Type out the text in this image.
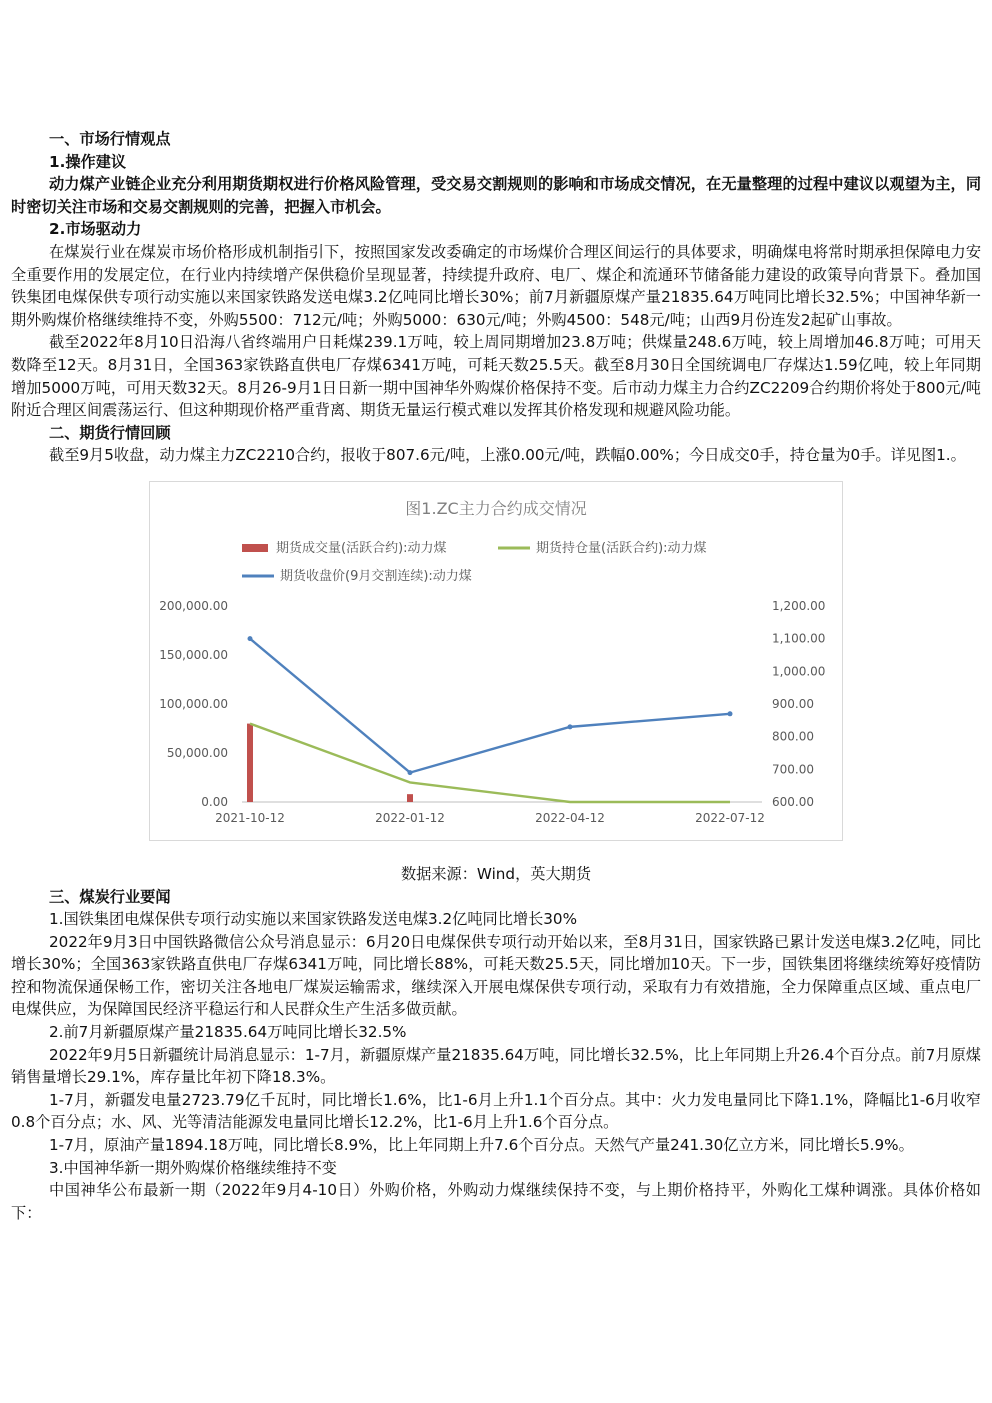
一、市场行情观点

1.操作建议

动力煤产业链企业充分利用期货期权进行价格风险管理，受交易交割规则的影响和市场成交情况，在无量整理的过程中建议以观望为主，同时密切关注市场和交易交割规则的完善，把握入市机会。

2.市场驱动力

在煤炭行业在煤炭市场价格形成机制指引下，按照国家发改委确定的市场煤价合理区间运行的具体要求，明确煤电将常时期承担保障电力安全重要作用的发展定位，在行业内持续增产保供稳价呈现显著，持续提升政府、电厂、煤企和流通环节储备能力建设的政策导向背景下。叠加国铁集团电煤保供专项行动实施以来国家铁路发送电煤3.2亿吨同比增长30%；前7月新疆原煤产量21835.64万吨同比增长32.5%；中国神华新一期外购煤价格继续维持不变，外购5500：712元/吨；外购5000：630元/吨；外购4500：548元/吨；山西9月份连发2起矿山事故。

截至2022年8月10日沿海八省终端用户日耗煤239.1万吨，较上周同期增加23.8万吨；供煤量248.6万吨，较上周增加46.8万吨；可用天数降至12天。8月31日，全国363家铁路直供电厂存煤6341万吨，可耗天数25.5天。截至8月30日全国统调电厂存煤达1.59亿吨，较上年同期增加5000万吨，可用天数32天。8月26-9月1日日新一期中国神华外购煤价格保持不变。后市动力煤主力合约ZC2209合约期价将处于800元/吨附近合理区间震荡运行、但这种期现价格严重背离、期货无量运行模式难以发挥其价格发现和规避风险功能。

二、期货行情回顾

截至9月5收盘，动力煤主力ZC2210合约，报收于807.6元/吨，上涨0.00元/吨，跌幅0.00%；今日成交0手，持仓量为0手。详见图1.。

图1.ZC主力合约成交情况
期货成交量(活跃合约):动力煤	期货持仓量(活跃合约):动力煤
期货收盘价(9月交割连续):动力煤
200,000.00
150,000.00
100,000.00
50,000.00
0.00
1,200.00
1,100.00
1,000.00
900.00
800.00
700.00
600.00
2021-10-12	2022-01-12	2022-04-12	2022-07-12

数据来源：Wind，英大期货

三、煤炭行业要闻

1.国铁集团电煤保供专项行动实施以来国家铁路发送电煤3.2亿吨同比增长30%

2022年9月3日中国铁路微信公众号消息显示：6月20日电煤保供专项行动开始以来，至8月31日，国家铁路已累计发送电煤3.2亿吨，同比增长30%；全国363家铁路直供电厂存煤6341万吨，同比增长88%，可耗天数25.5天，同比增加10天。下一步，国铁集团将继续统筹好疫情防控和物流保通保畅工作，密切关注各地电厂煤炭运输需求，继续深入开展电煤保供专项行动，采取有力有效措施，全力保障重点区域、重点电厂电煤供应，为保障国民经济平稳运行和人民群众生产生活多做贡献。

2.前7月新疆原煤产量21835.64万吨同比增长32.5%

2022年9月5日新疆统计局消息显示：1-7月，新疆原煤产量21835.64万吨，同比增长32.5%，比上年同期上升26.4个百分点。前7月原煤销售量增长29.1%，库存量比年初下降18.3%。

1-7月，新疆发电量2723.79亿千瓦时，同比增长1.6%，比1-6月上升1.1个百分点。其中：火力发电量同比下降1.1%，降幅比1-6月收窄0.8个百分点；水、风、光等清洁能源发电量同比增长12.2%，比1-6月上升1.6个百分点。

1-7月，原油产量1894.18万吨，同比增长8.9%，比上年同期上升7.6个百分点。天然气产量241.30亿立方米，同比增长5.9%。

3.中国神华新一期外购煤价格继续维持不变

中国神华公布最新一期（2022年9月4-10日）外购价格，外购动力煤继续保持不变，与上期价格持平，外购化工煤种调涨。具体价格如下：
